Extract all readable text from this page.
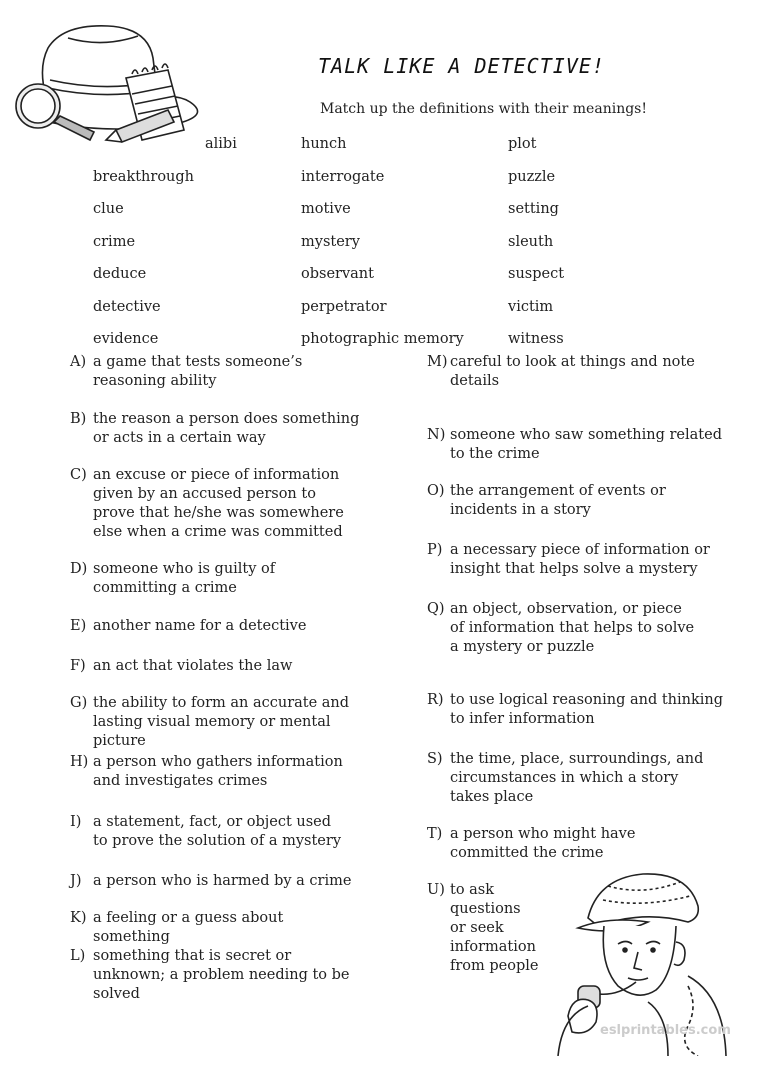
TALK LIKE A DETECTIVE!
Match up the definitions with their meanings!
alibi
breakthrough
clue
crime
deduce
detective
evidence
hunch
interrogate
motive
mystery
observant
perpetrator
photographic memory
plot
puzzle
setting
sleuth
suspect
victim
witness
A) a game that tests someone’s reasoning ability
B) the reason a person does something or acts in a certain way
C) an excuse or piece of information given by an accused person to prove that he/she was somewhere else when a crime was committed
D) someone who is guilty of committing a crime
E) another name for a detective
F) an act that violates the law
G) the ability to form an accurate and lasting visual memory or mental picture
H) a person who gathers information and investigates crimes
I) a statement, fact, or object used to prove the solution of a mystery
J) a person who is harmed by a crime
K) a feeling or a guess about something
L) something that is secret or unknown; a problem needing to be solved
M) careful to look at things and note details
N) someone who saw something related to the crime
O) the arrangement of events or incidents in a story
P) a necessary piece of information or insight that helps solve a mystery
Q) an object, observation, or piece of information that helps to solve a mystery or puzzle
R) to use logical reasoning and thinking to infer information
S) the time, place, surroundings, and circumstances in which a story takes place
T) a person who might have committed the crime
U) to ask questions or seek information from people
eslprintables.com
